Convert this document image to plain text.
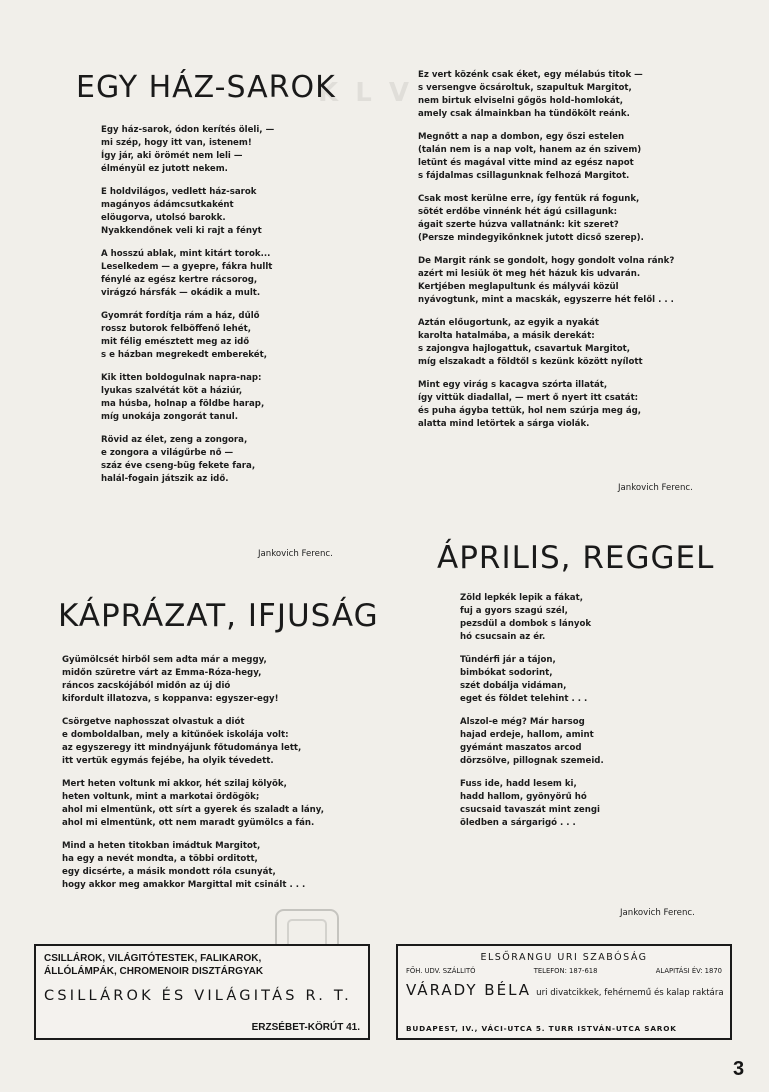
K L V
EGY HÁZ-SAROK
Egy ház-sarok, ódon kerítés öleli, —
mi szép, hogy itt van, istenem!
Így jár, aki örömét nem leli —
élményül ez jutott nekem.
E holdvilágos, vedlett ház-sarok
magányos ádámcsutkaként
elöugorva, utolsó barokk.
Nyakkendőnek veli ki rajt a fényt
A hosszú ablak, mint kitárt torok...
Leselkedem — a gyepre, fákra hullt
fénylé az egész kertre rácsorog,
virágzó hársfák — okádik a mult.
Gyomrát fordítja rám a ház, dűlő
rossz butorok felböffenő lehét,
mit félig emésztett meg az idő
s e házban megrekedt emberekét,
Kik itten boldogulnak napra-nap:
lyukas szalvétát köt a háziúr,
ma húsba, holnap a földbe harap,
míg unokája zongorát tanul.
Rövid az élet, zeng a zongora,
e zongora a világűrbe nő —
száz éve cseng-büg fekete fara,
halál-fogain játszik az idő.
Jankovich Ferenc.
KÁPRÁZAT, IFJUSÁG
Gyümölcsét hirből sem adta már a meggy,
midőn szüretre várt az Emma-Róza-hegy,
ráncos zacskójából midőn az új dió
kifordult illatozva, s koppanva: egyszer-egy!
Csörgetve naphosszat olvastuk a diót
e domboldalban, mely a kitűnőek iskolája volt:
az egyszeregy itt mindnyájunk főtudománya lett,
itt vertük egymás fejébe, ha olyik tévedett.
Mert heten voltunk mi akkor, hét szilaj kölyök,
heten voltunk, mint a markotai ördögök;
ahol mi elmentünk, ott sírt a gyerek és szaladt a lány,
ahol mi elmentünk, ott nem maradt gyümölcs a fán.
Mind a heten titokban imádtuk Margitot,
ha egy a nevét mondta, a többi orditott,
egy dicsérte, a másik mondott róla csunyát,
hogy akkor meg amakkor Margittal mit csinált . . .
Ez vert közénk csak éket, egy mélabús titok —
s versengve öcsároltuk, szapultuk Margitot,
nem birtuk elviselni gőgös hold-homlokát,
amely csak álmainkban ha tündökölt reánk.
Megnőtt a nap a dombon, egy őszi estelen
(talán nem is a nap volt, hanem az én szivem)
letünt és magával vitte mind az egész napot
s fájdalmas csillagunknak felhozá Margitot.
Csak most kerülne erre, így fentük rá fogunk,
sötét erdőbe vinnénk hét ágú csillagunk:
ágait szerte húzva vallatnánk: kit szeret?
(Persze mindegyikőnknek jutott dicső szerep).
De Margit ránk se gondolt, hogy gondolt volna ránk?
azért mi lesiük öt meg hét házuk kis udvarán.
Kertjében meglapultunk és mályvái közül
nyávogtunk, mint a macskák, egyszerre hét felől . . .
Aztán előugortunk, az egyik a nyakát
karolta hatalmába, a másik derekát:
s zajongva hajlogattuk, csavartuk Margitot,
míg elszakadt a földtől s kezünk között nyílott
Mint egy virág s kacagva szórta illatát,
így vittük diadallal, — mert ő nyert itt csatát:
és puha ágyba tettük, hol nem szúrja meg ág,
alatta mind letörtek a sárga violák.
Jankovich Ferenc.
ÁPRILIS, REGGEL
Zöld lepkék lepik a fákat,
fuj a gyors szagú szél,
pezsdül a dombok s lányok
hó csucsain az ér.
Tündérfi jár a tájon,
bimbókat sodorint,
szét dobálja vidáman,
eget és földet telehint . . .
Alszol-e még? Már harsog
hajad erdeje, hallom, amint
gyémánt maszatos arcod
dörzsölve, pillognak szemeid.
Fuss ide, hadd lesem ki,
hadd hallom, gyönyörű hó
csucsaid tavaszát mint zengi
öledben a sárgarigó . . .
Jankovich Ferenc.
CSILLÁROK, VILÁGITÓTESTEK, FALIKAROK,
ÁLLÓLÁMPÁK, CHROMENOIR DISZTÁRGYAK
CSILLÁROK ÉS VILÁGITÁS R. T.
ERZSÉBET-KÖRÚT 41.
ELSŐRANGU URI SZABÓSÁG
FŐH. UDV. SZÁLLITÓ	TELEFON: 187-618	ALAPITÁSI ÉV: 1870
VÁRADY BÉLA uri divatcikkek, fehérnemű és kalap raktára
BUDAPEST, IV., VÁCI-UTCA 5. TURR ISTVÁN-UTCA SAROK
3
